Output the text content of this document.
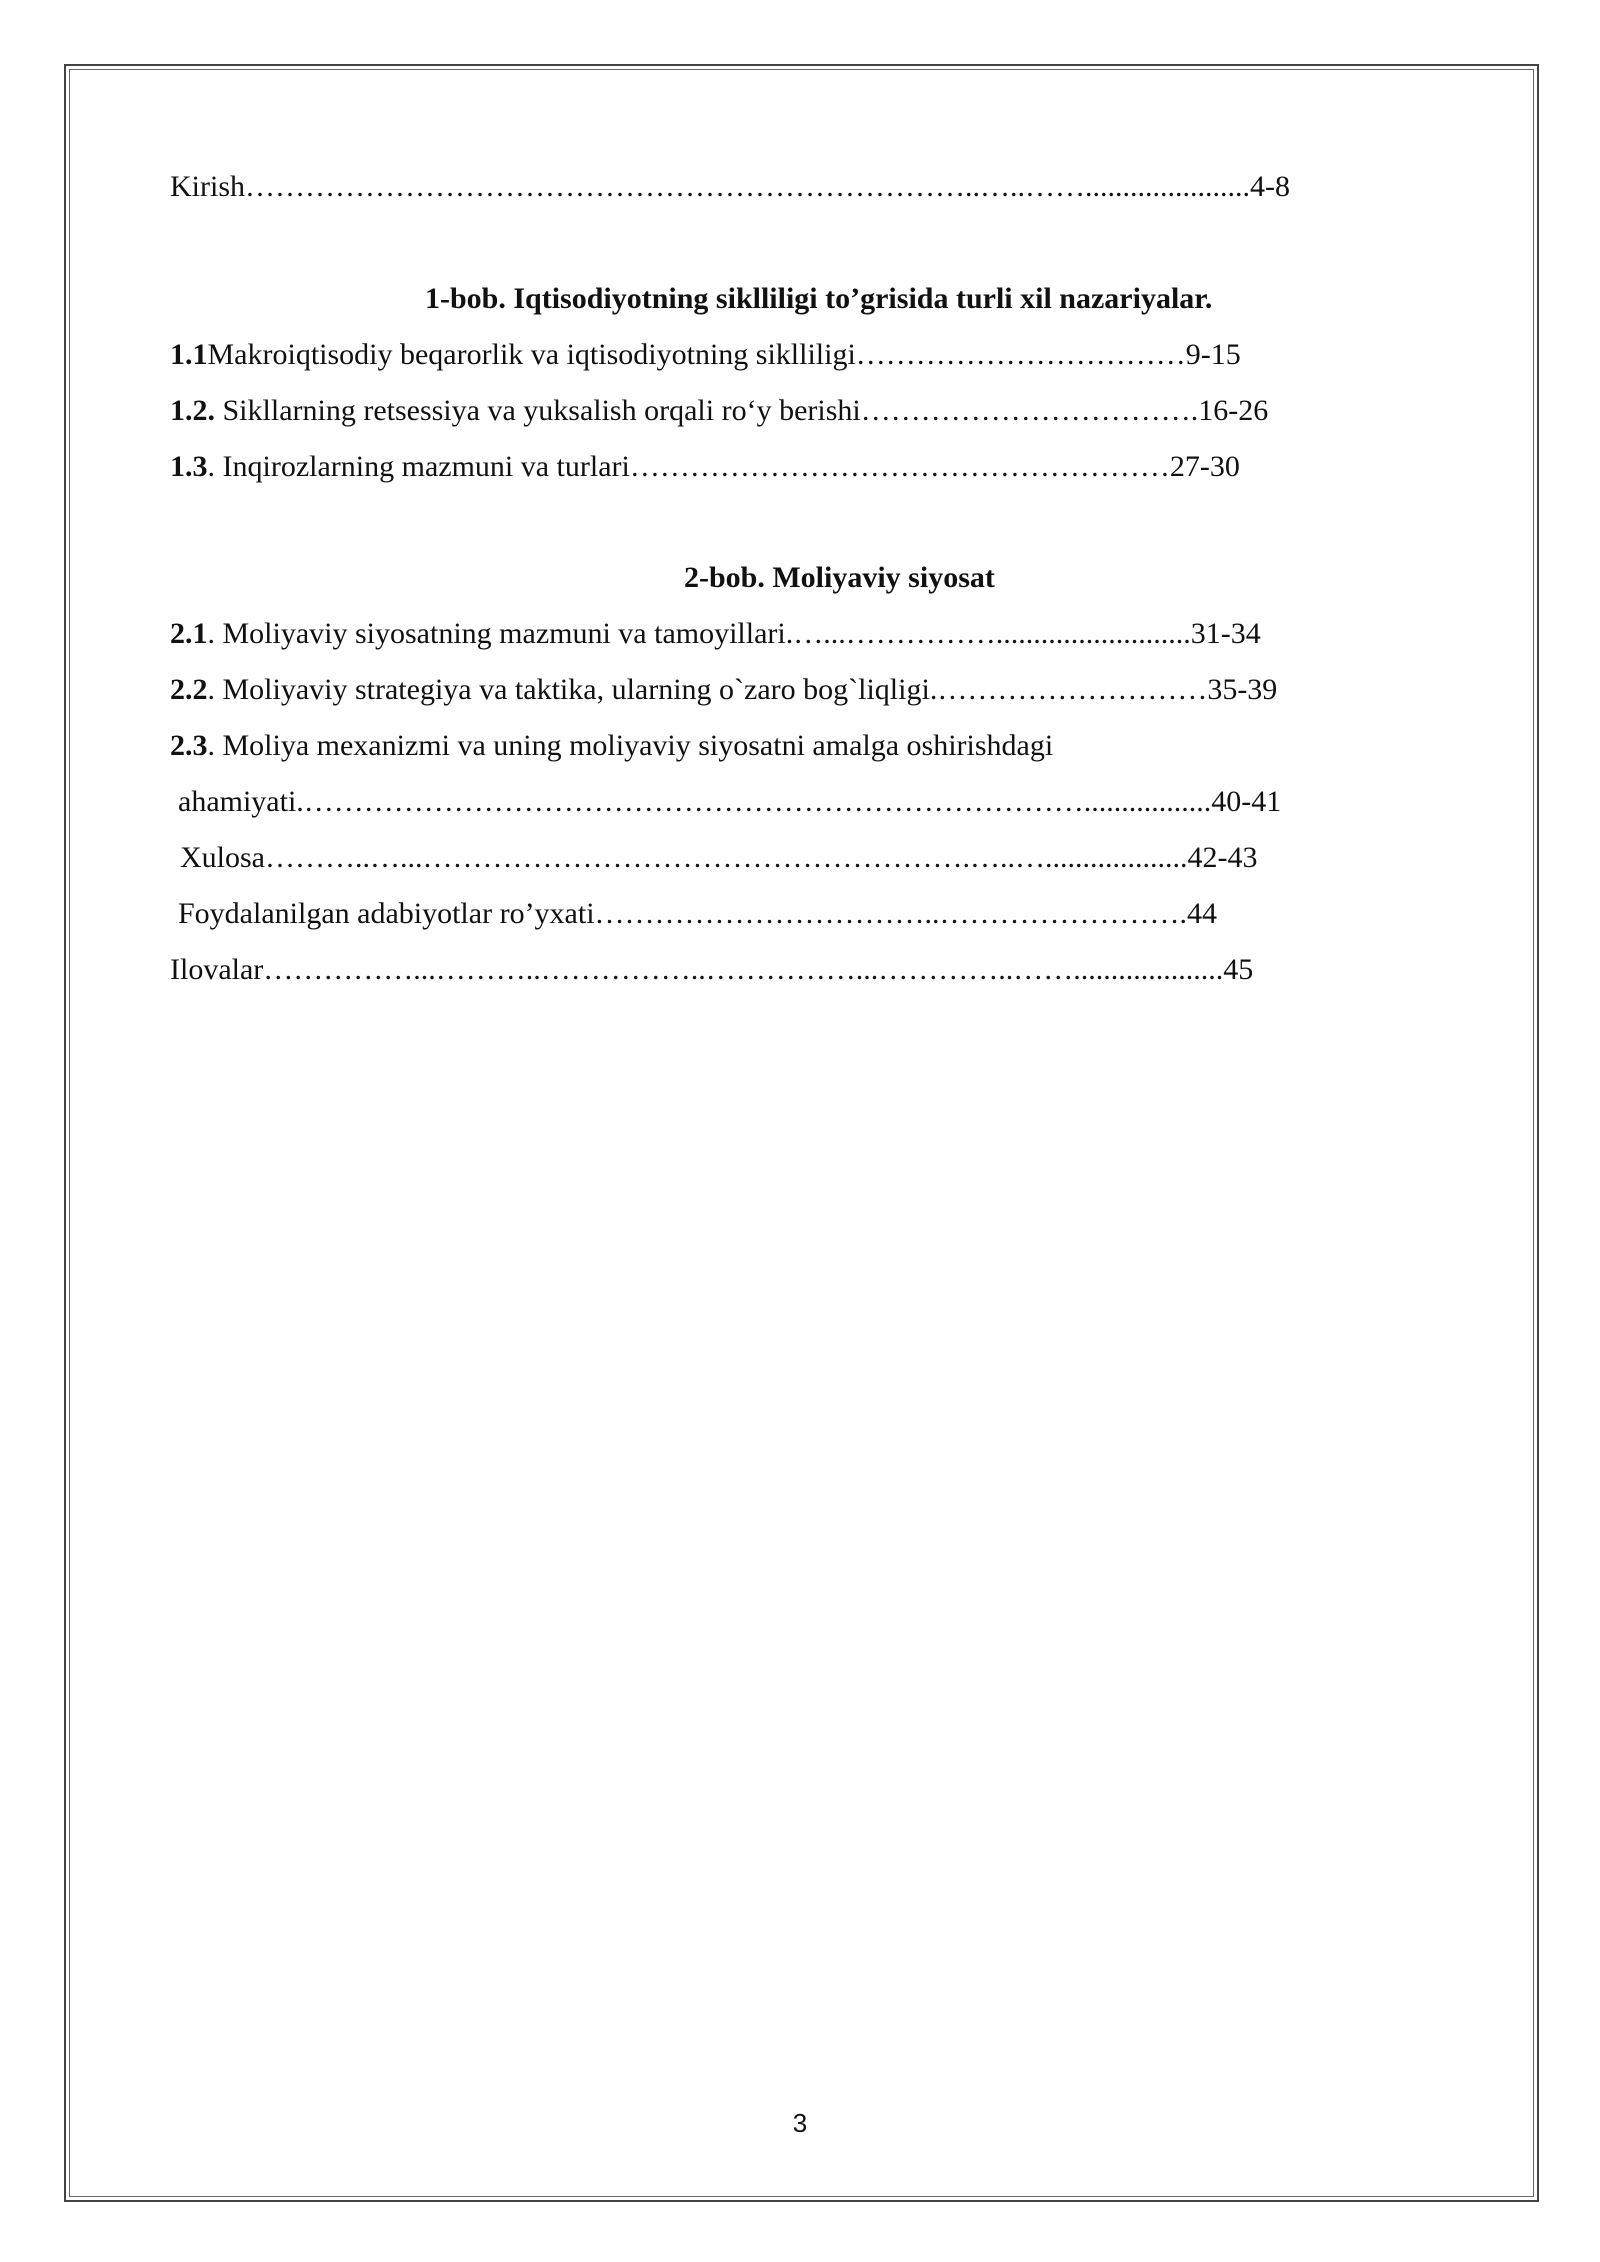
Kirish………………………………………………………………..…..……......................4-8
1-bob. Iqtisodiyotning siklliligi to’grisida turli xil nazariyalar.
1.1Makroiqtisodiy beqarorlik va iqtisodiyotning siklliligi……………………………9-15
1.2. Sikllarning retsessiya va yuksalish orqali ro‘y berishi…………………………….16-26
1.3. Inqirozlarning mazmuni va turlari………………………………………………27-30
2-bob. Moliyaviy siyosat
2.1. Moliyaviy siyosatning mazmuni va tamoyillari.…...……………..........................31-34
2.2. Moliyaviy strategiya va taktika, ularning o`zaro bog`liqligi.………………………35-39
2.3. Moliya mexanizmi va uning moliyaviy siyosatni amalga oshirishdagi
ahamiyati.…………………………………………………………………….................40-41
Xulosa………..…...……………………………………………….…..…...................42-43
Foydalanilgan adabiyotlar ro’yxati……………………………..…………………….44
Ilovalar……………...………..……………..……………...…………..……....................45
3
